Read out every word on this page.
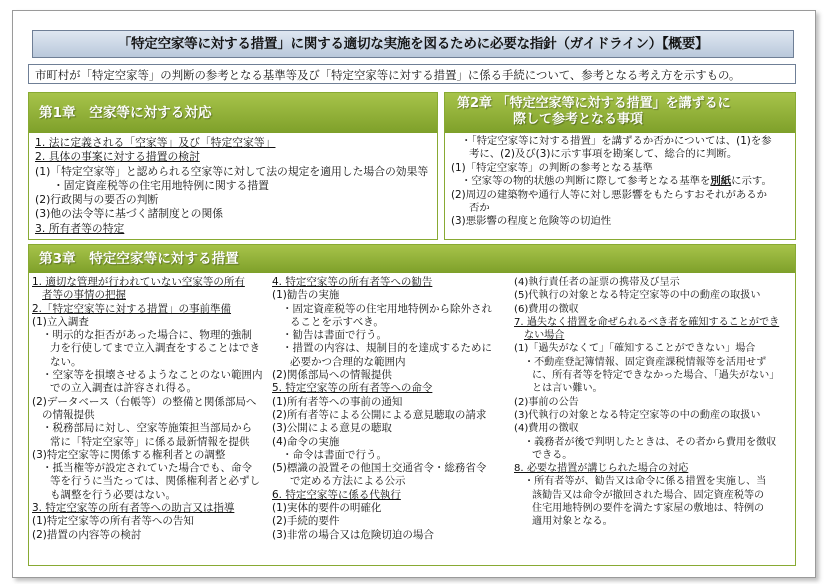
「特定空家等に対する措置」に関する適切な実施を図るために必要な指針（ガイドライン）【概要】
市町村が「特定空家等」の判断の参考となる基準等及び「特定空家等に対する措置」に係る手続について、参考となる考え方を示すもの。
第1章　空家等に対する対応
1. 法に定義される「空家等」及び「特定空家等」
2. 具体の事案に対する措置の検討
(1)「特定空家等」と認められる空家等に対して法の規定を適用した場合の効果等
・固定資産税等の住宅用地特例に関する措置
(2)行政関与の要否の判断
(3)他の法令等に基づく諸制度との関係
3. 所有者等の特定
第2章 「特定空家等に対する措置」を講ずるに
際して参考となる事項
・「特定空家等に対する措置」を講ずるか否かについては、(1)を参
考に、(2)及び(3)に示す事項を勘案して、総合的に判断。
(1)「特定空家等」の判断の参考となる基準
・空家等の物的状態の判断に際して参考となる基準を別紙に示す。
(2)周辺の建築物や通行人等に対し悪影響をもたらすおそれがあるか
否か
(3)悪影響の程度と危険等の切迫性
第3章　特定空家等に対する措置
1. 適切な管理が行われていない空家等の所有
者等の事情の把握
2.「特定空家等に対する措置」の事前準備
(1)立入調査
・明示的な拒否があった場合に、物理的強制
力を行使してまで立入調査をすることはでき
ない。
・空家等を損壊させるようなことのない範囲内
での立入調査は許容され得る。
(2)データベース（台帳等）の整備と関係部局へ
の情報提供
・税務部局に対し、空家等施策担当部局から
常に「特定空家等」に係る最新情報を提供
(3)特定空家等に関係する権利者との調整
・抵当権等が設定されていた場合でも、命令
等を行うに当たっては、関係権利者と必ずし
も調整を行う必要はない。
3. 特定空家等の所有者等への助言又は指導
(1)特定空家等の所有者等への告知
(2)措置の内容等の検討
4. 特定空家等の所有者等への勧告
(1)勧告の実施
・固定資産税等の住宅用地特例から除外され
ることを示すべき。
・勧告は書面で行う。
・措置の内容は、規制目的を達成するために
必要かつ合理的な範囲内
(2)関係部局への情報提供
5. 特定空家等の所有者等への命令
(1)所有者等への事前の通知
(2)所有者等による公開による意見聴取の請求
(3)公開による意見の聴取
(4)命令の実施
・命令は書面で行う。
(5)標識の設置その他国土交通省令・総務省令
で定める方法による公示
6. 特定空家等に係る代執行
(1)実体的要件の明確化
(2)手続的要件
(3)非常の場合又は危険切迫の場合
(4)執行責任者の証票の携帯及び呈示
(5)代執行の対象となる特定空家等の中の動産の取扱い
(6)費用の徴収
7. 過失なく措置を命ぜられるべき者を確知することができ
ない場合
(1)「過失がなくて」「確知することができない」場合
・不動産登記簿情報、固定資産課税情報等を活用せず
に、所有者等を特定できなかった場合、「過失がない」
とは言い難い。
(2)事前の公告
(3)代執行の対象となる特定空家等の中の動産の取扱い
(4)費用の徴収
・義務者が後で判明したときは、その者から費用を徴収
できる。
8. 必要な措置が講じられた場合の対応
・所有者等が、勧告又は命令に係る措置を実施し、当
該勧告又は命令が撤回された場合、固定資産税等の
住宅用地特例の要件を満たす家屋の敷地は、特例の
適用対象となる。
